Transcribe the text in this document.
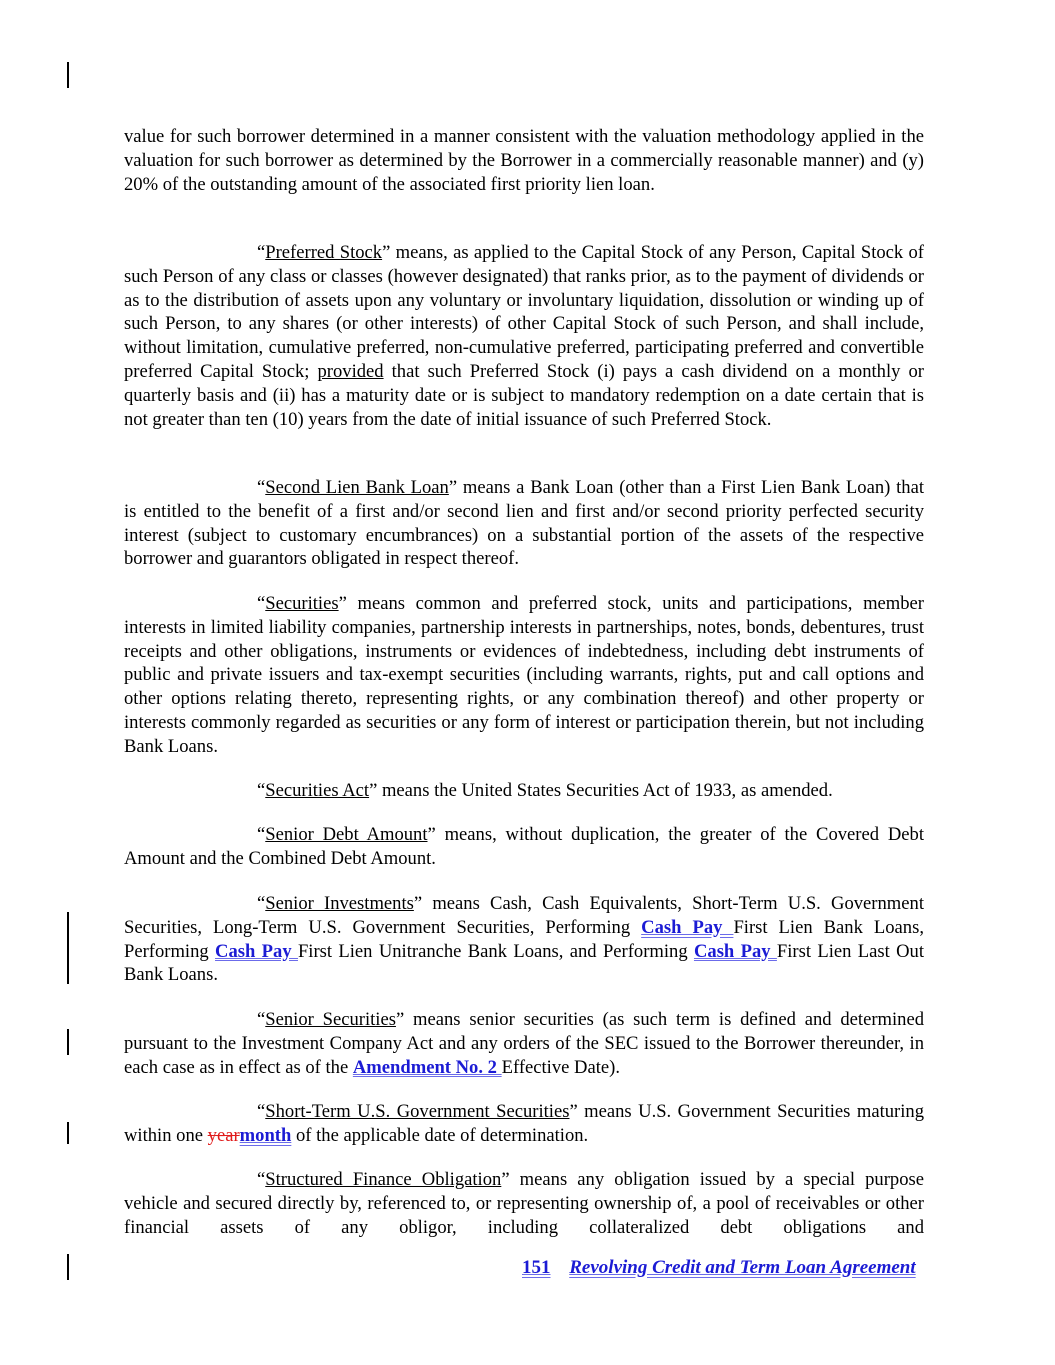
value for such borrower determined in a manner consistent with the valuation methodology applied in the valuation for such borrower as determined by the Borrower in a commercially reasonable manner) and (y) 20% of the outstanding amount of the associated first priority lien loan.

“Preferred Stock” means, as applied to the Capital Stock of any Person, Capital Stock of such Person of any class or classes (however designated) that ranks prior, as to the payment of dividends or as to the distribution of assets upon any voluntary or involuntary liquidation, dissolution or winding up of such Person, to any shares (or other interests) of other Capital Stock of such Person, and shall include, without limitation, cumulative preferred, non-cumulative preferred, participating preferred and convertible preferred Capital Stock; provided that such Preferred Stock (i) pays a cash dividend on a monthly or quarterly basis and (ii) has a maturity date or is subject to mandatory redemption on a date certain that is not greater than ten (10) years from the date of initial issuance of such Preferred Stock.

“Second Lien Bank Loan” means a Bank Loan (other than a First Lien Bank Loan) that is entitled to the benefit of a first and/or second lien and first and/or second priority perfected security interest (subject to customary encumbrances) on a substantial portion of the assets of the respective borrower and guarantors obligated in respect thereof.

“Securities” means common and preferred stock, units and participations, member interests in limited liability companies, partnership interests in partnerships, notes, bonds, debentures, trust receipts and other obligations, instruments or evidences of indebtedness, including debt instruments of public and private issuers and tax-exempt securities (including warrants, rights, put and call options and other options relating thereto, representing rights, or any combination thereof) and other property or interests commonly regarded as securities or any form of interest or participation therein, but not including Bank Loans.

“Securities Act” means the United States Securities Act of 1933, as amended.

“Senior Debt Amount” means, without duplication, the greater of the Covered Debt Amount and the Combined Debt Amount.

“Senior Investments” means Cash, Cash Equivalents, Short-Term U.S. Government Securities, Long-Term U.S. Government Securities, Performing Cash Pay First Lien Bank Loans, Performing Cash Pay First Lien Unitranche Bank Loans, and Performing Cash Pay First Lien Last Out Bank Loans.

“Senior Securities” means senior securities (as such term is defined and determined pursuant to the Investment Company Act and any orders of the SEC issued to the Borrower thereunder, in each case as in effect as of the Amendment No. 2 Effective Date).

“Short-Term U.S. Government Securities” means U.S. Government Securities maturing within one yearmonth of the applicable date of determination.

“Structured Finance Obligation” means any obligation issued by a special purpose vehicle and secured directly by, referenced to, or representing ownership of, a pool of receivables or other financial assets of any obligor, including collateralized debt obligations and

151 Revolving Credit and Term Loan Agreement
